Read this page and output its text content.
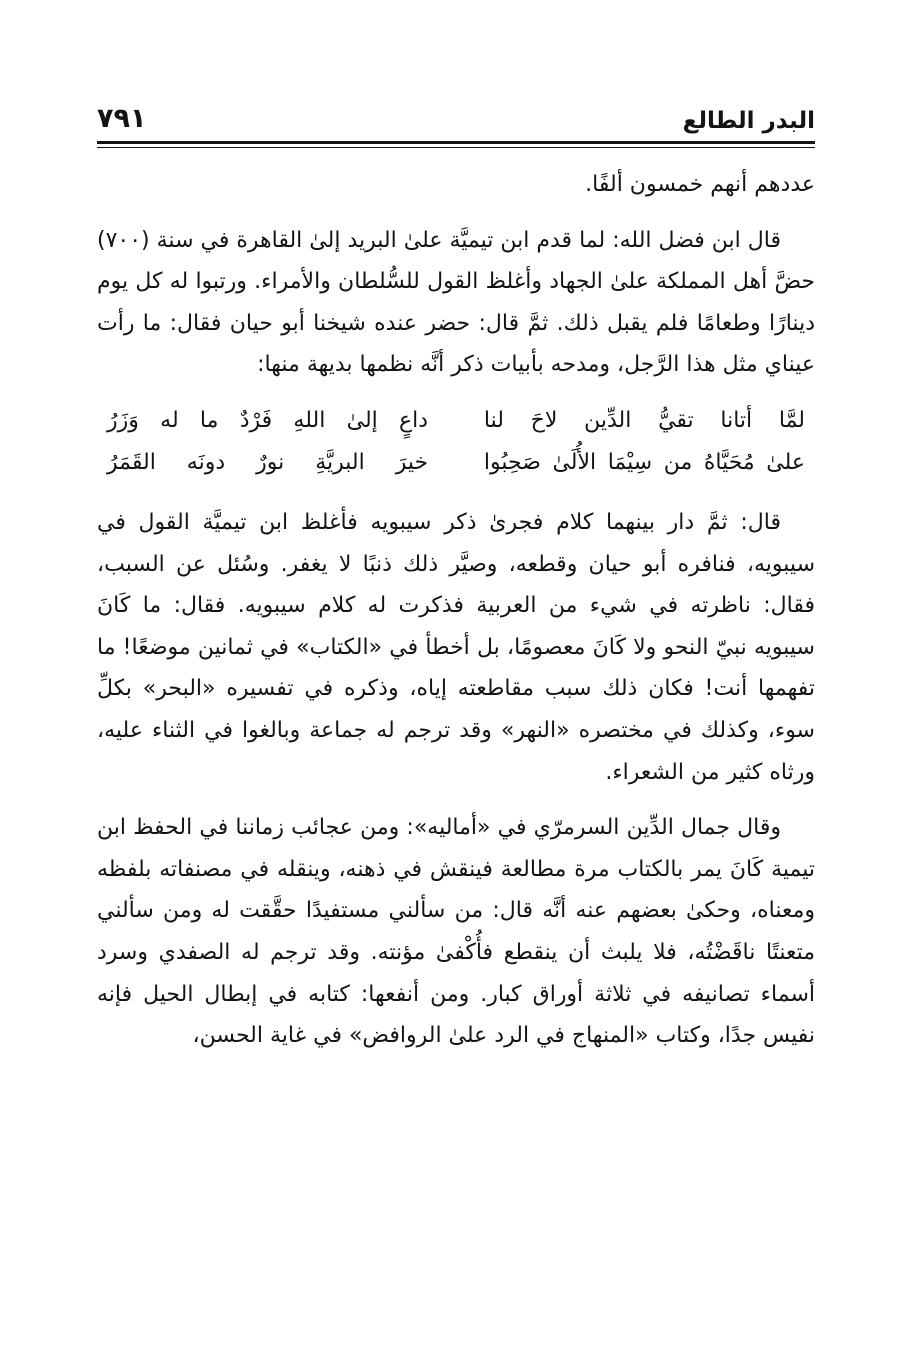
البدر الطالع
٧٩١

عددهم أنهم خمسون ألفًا.

قال ابن فضل الله: لما قدم ابن تيميَّة علىٰ البريد إلىٰ القاهرة في سنة (٧٠٠) حضَّ أهل المملكة علىٰ الجهاد وأغلظ القول للسُّلطان والأمراء. ورتبوا له كل يوم دينارًا وطعامًا فلم يقبل ذلك. ثمَّ قال: حضر عنده شيخنا أبو حيان فقال: ما رأت عيناي مثل هذا الرَّجل، ومدحه بأبيات ذكر أنَّه نظمها بديهة منها:

لمَّا أتانا تقيُّ الدِّين لاحَ لنا
داعٍ إلىٰ اللهِ فَرْدٌ ما له وَزَرُ
علىٰ مُحَيَّاهُ من سِيْمَا الأُلَىٰ صَحِبُوا
خيرَ البريَّةِ نورٌ دونَه القَمَرُ

قال: ثمَّ دار بينهما كلام فجرىٰ ذكر سيبويه فأغلظ ابن تيميَّة القول في سيبويه، فنافره أبو حيان وقطعه، وصيَّر ذلك ذنبًا لا يغفر. وسُئل عن السبب، فقال: ناظرته في شيء من العربية فذكرت له كلام سيبويه. فقال: ما كَانَ سيبويه نبيّ النحو ولا كَانَ معصومًا، بل أخطأ في «الكتاب» في ثمانين موضعًا! ما تفهمها أنت! فكان ذلك سبب مقاطعته إياه، وذكره في تفسيره «البحر» بكلِّ سوء، وكذلك في مختصره «النهر» وقد ترجم له جماعة وبالغوا في الثناء عليه، ورثاه كثير من الشعراء.

وقال جمال الدِّين السرمرّي في «أماليه»: ومن عجائب زماننا في الحفظ ابن تيمية كَانَ يمر بالكتاب مرة مطالعة فينقش في ذهنه، وينقله في مصنفاته بلفظه ومعناه، وحكىٰ بعضهم عنه أنَّه قال: من سألني مستفيدًا حقَّقت له ومن سألني متعنتًا ناقَضْتُه، فلا يلبث أن ينقطع فأُكْفىٰ مؤنته. وقد ترجم له الصفدي وسرد أسماء تصانيفه في ثلاثة أوراق كبار. ومن أنفعها: كتابه في إبطال الحيل فإنه نفيس جدًا، وكتاب «المنهاج في الرد علىٰ الروافض» في غاية الحسن،
